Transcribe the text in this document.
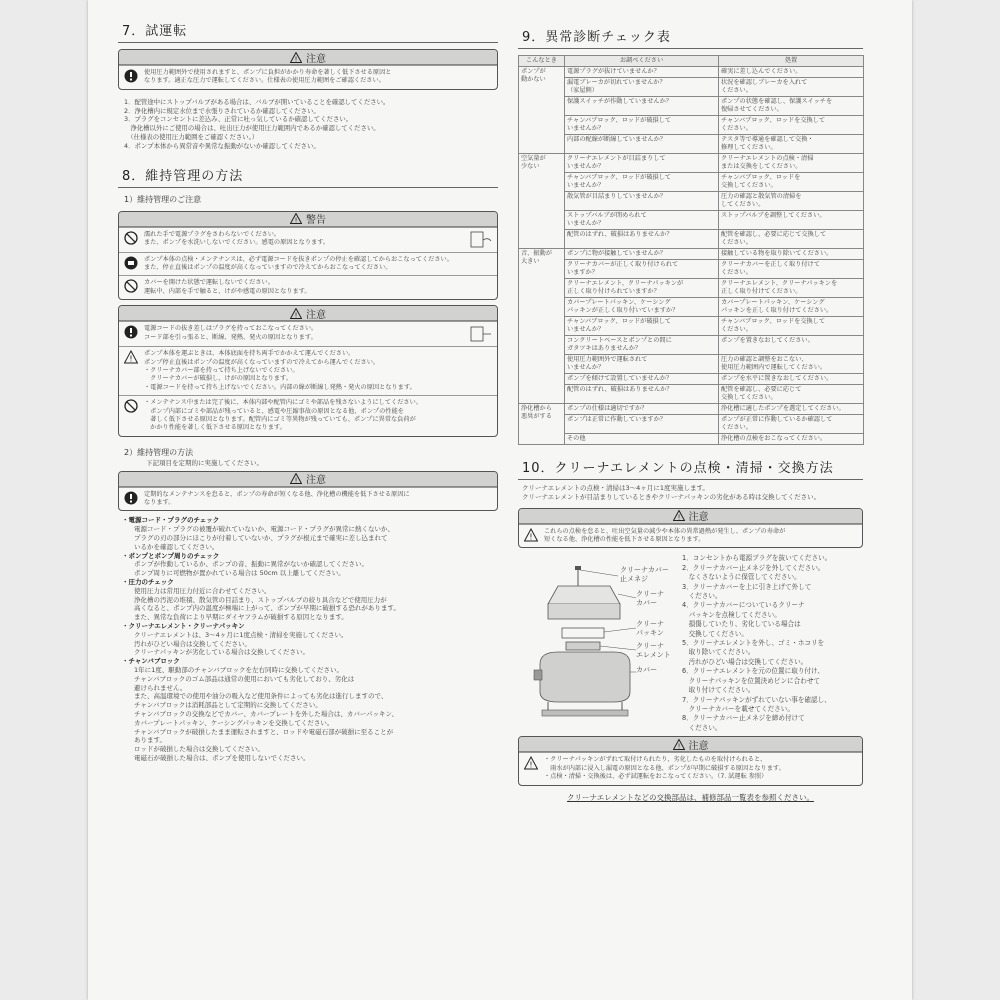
7．試運転
! 注意
使用圧力範囲外で使用されますと、ポンプに負担がかかり寿命を著しく低下させる原因と
なります。適正な圧力で運転してください。仕様表の使用圧力範囲をご確認ください。
1．配管途中にストップバルブがある場合は、バルブが開いていることを確認してください。
2．浄化槽内に規定水位まで水張りされているか確認してください。
3．プラグをコンセントに差込み、正常に吐っ気しているか確認してください。
　浄化槽以外にご使用の場合は、吐出圧力が使用圧力範囲内であるか確認してください。
　（仕様表の使用圧力範囲をご確認ください。）
4．ポンプ本体から異常音や異常な振動がないか確認してください。
8．維持管理の方法
1）維持管理のご注意
! 警告
濡れた手で電源プラグをさわらないでください。
また、ポンプを水洗いしないでください。感電の原因となります。
ポンプ本体の点検・メンテナンスは、必ず電源コードを抜きポンプの停止を確認してからおこなってください。
また、停止直後はポンプの温度が高くなっていますので冷えてからおこなってください。
カバーを開けた状態で運転しないでください。
運転中、内部を手で触ると、けがや感電の原因となります。
! 注意
電源コードの抜き差しはプラグを持っておこなってください。
コード部を引っ張ると、断線、発熱、発火の原因となります。
!
ポンプ本体を運ぶときは、本体底面を持ち両手でかかえて運んでください。
ポンプ停止直後はポンプの温度が高くなっていますので冷えてから運んでください。
・クリーナカバー部を持って持ち上げないでください。
　クリーナカバーが破損し、けがの原因となります。
・電源コードを持って持ち上げないでください。内部の線が断線し発熱・発火の原因となります。
・メンテナンス中または完了後に、本体内部や配管内にゴミや部品を残さないようにしてください。
　ポンプ内部にゴミや部品が残っていると、感電や圧縮事故の原因となる他、ポンプの性能を
　著しく低下させる原因となります。配管内にゴミ等異物が残っていても、ポンプに異常な負荷が
　かかり性能を著しく低下させる原因となります。
2）維持管理の方法
下記項目を定期的に実施してください。
! 注意
定期的なメンテナンスを怠ると、ポンプの寿命が短くなる他、浄化槽の機能を低下させる原因に
なります。
・電源コード・プラグのチェック
電源コード・プラグの被覆が破れていないか、電源コード・プラグが異常に熱くないか、
プラグの刃の部分にほこりが付着していないか、プラグが根元まで確実に差し込まれて
いるかを確認してください。
・ポンプとポンプ周りのチェック
ポンプが作動しているか、ポンプの音、振動に異常がないか確認してください。
ポンプ周りに可燃物が置かれている場合は 50cm 以上離してください。
・圧力のチェック
使用圧力は常用圧力付近に合わせてください。
浄化槽の汚泥の堆積、散気管の目詰まり、ストップバルブの絞り具合などで使用圧力が
高くなると、ポンプ内の温度が極端に上がって、ポンプが早期に破損する恐れがあります。
また、異常な負荷により早期にダイヤフラムが破損する原因となります。
・クリーナエレメント・クリーナパッキン
クリーナエレメントは、3～4ヶ月に1度点検・清掃を実施してください。
汚れがひどい場合は交換してください。
クリーナパッキンが劣化している場合は交換してください。
・チャンバブロック
1年に1度、駆動部のチャンバブロックを左右同時に交換してください。
チャンバブロックのゴム部品は通常の使用においても劣化しており、劣化は
避けられません。
また、高温環境での使用や油分の吸入など使用条件によっても劣化は進行しますので、
チャンバブロックは消耗部品として定期的に交換してください。
チャンバブロックの交換などでカバー、カバープレートを外した場合は、カバーパッキン、
カバープレートパッキン、ケーシングパッキンを交換してください。
チャンバブロックが破損したまま運転されますと、ロッドや電磁石部が破損に至ることが
あります。
ロッドが破損した場合は交換してください。
電磁石が破損した場合は、ポンプを使用しないでください。
9．異常診断チェック表
こんなとき	お調べください	処置
ポンプが
動かない	電源プラグが抜けていませんか？	確実に差し込んでください。
	漏電ブレーカが切れていませんか？
（家屋側）	状況を確認しブレーカを入れて
ください。
	保護スイッチが作動していませんか？	ポンプの状態を確認し、保護スイッチを
復帰させてください。
	チャンバブロック、ロッドが破損して
いませんか？	チャンバブロック、ロッドを交換して
ください。
	内部の配線が断線していませんか？	テスタ等で導通を確認して交換・
修理してください。
空気量が
少ない	クリーナエレメントが目詰まりして
いませんか？	クリーナエレメントの点検・清掃
または交換をしてください。
	チャンバブロック、ロッドが破損して
いませんか？	チャンバブロック、ロッドを
交換してください。
	散気管が目詰まりしていませんか？	圧力の確認と散気管の清掃を
してください。
	ストップバルブが閉められて
いませんか？	ストップバルブを調整してください。
	配管のはずれ、破損はありませんか？	配管を確認し、必要に応じて交換して
ください。
音、振動が
大きい	ポンプに物が接触していませんか？	接触している物を取り除いてください。
	クリーナカバーが正しく取り付けられて
いますか？	クリーナカバーを正しく取り付けて
ください。
	クリーナエレメント、クリーナパッキンが
正しく取り付けられていますか？	クリーナエレメント、クリーナパッキンを
正しく取り付けてください。
	カバープレートパッキン、ケーシング
パッキンが正しく取り付いていますか？	カバープレートパッキン、ケーシング
パッキンを正しく取り付けてください。
	チャンバブロック、ロッドが破損して
いませんか？	チャンバブロック、ロッドを交換して
ください。
	コンクリートベースとポンプとの間に
ガタツキはありませんか？	ポンプを置きなおしてください。
	使用圧力範囲外で運転されて
いませんか？	圧力の確認と調整をおこない、
使用圧力範囲内で運転してください。
	ポンプを傾けて設置していませんか？	ポンプを水平に置きなおしてください。
	配管のはずれ、破損はありませんか？	配管を確認し、必要に応じて
交換してください。
浄化槽から
悪臭がする	ポンプの仕様は適切ですか？	浄化槽に適したポンプを選定してください。
	ポンプは正常に作動していますか？	ポンプが正常に作動しているか確認して
ください。
	その他	浄化槽の点検をおこなってください。
10．クリーナエレメントの点検・清掃・交換方法
クリーナエレメントの点検・清掃は3～4ヶ月に1度実施します。
クリーナエレメントが目詰まりしているときやクリーナパッキンの劣化がある時は交換してください。
! 注意
!
これらの点検を怠ると、吐出空気量の減少や本体の異常過熱が発生し、ポンプの寿命が
短くなる他、浄化槽の性能を低下させる原因となります。
クリーナカバー
止メネジ
クリーナ
カバー
クリーナ
パッキン
クリーナ
エレメント
カバー
1．コンセントから電源プラグを抜いてください。
2．クリーナカバー止メネジを外してください。
　なくさないように保管してください。
3．クリーナカバーを上に引き上げて外して
　ください。
4．クリーナカバーについているクリーナ
　パッキンを点検してください。
　損傷していたり、劣化している場合は
　交換してください。
5．クリーナエレメントを外し、ゴミ・ホコリを
　取り除いてください。
　汚れがひどい場合は交換してください。
6．クリーナエレメントを元の位置に取り付け、
　クリーナパッキンを位置決めピンに合わせて
　取り付けてください。
7．クリーナパッキンがずれていない事を確認し、
　クリーナカバーを載せてください。
8．クリーナカバー止メネジを締め付けて
　ください。
! 注意
!
・クリーナパッキンがずれて取付けられたり、劣化したものを取付けられると、
　雨水が内部に浸入し漏電の原因となる他、ポンプが早期に破損する原因となります。
・点検・清掃・交換後は、必ず試運転をおこなってください。（7. 試運転 参照）
クリーナエレメントなどの交換部品は、補修部品一覧表を参照ください。
